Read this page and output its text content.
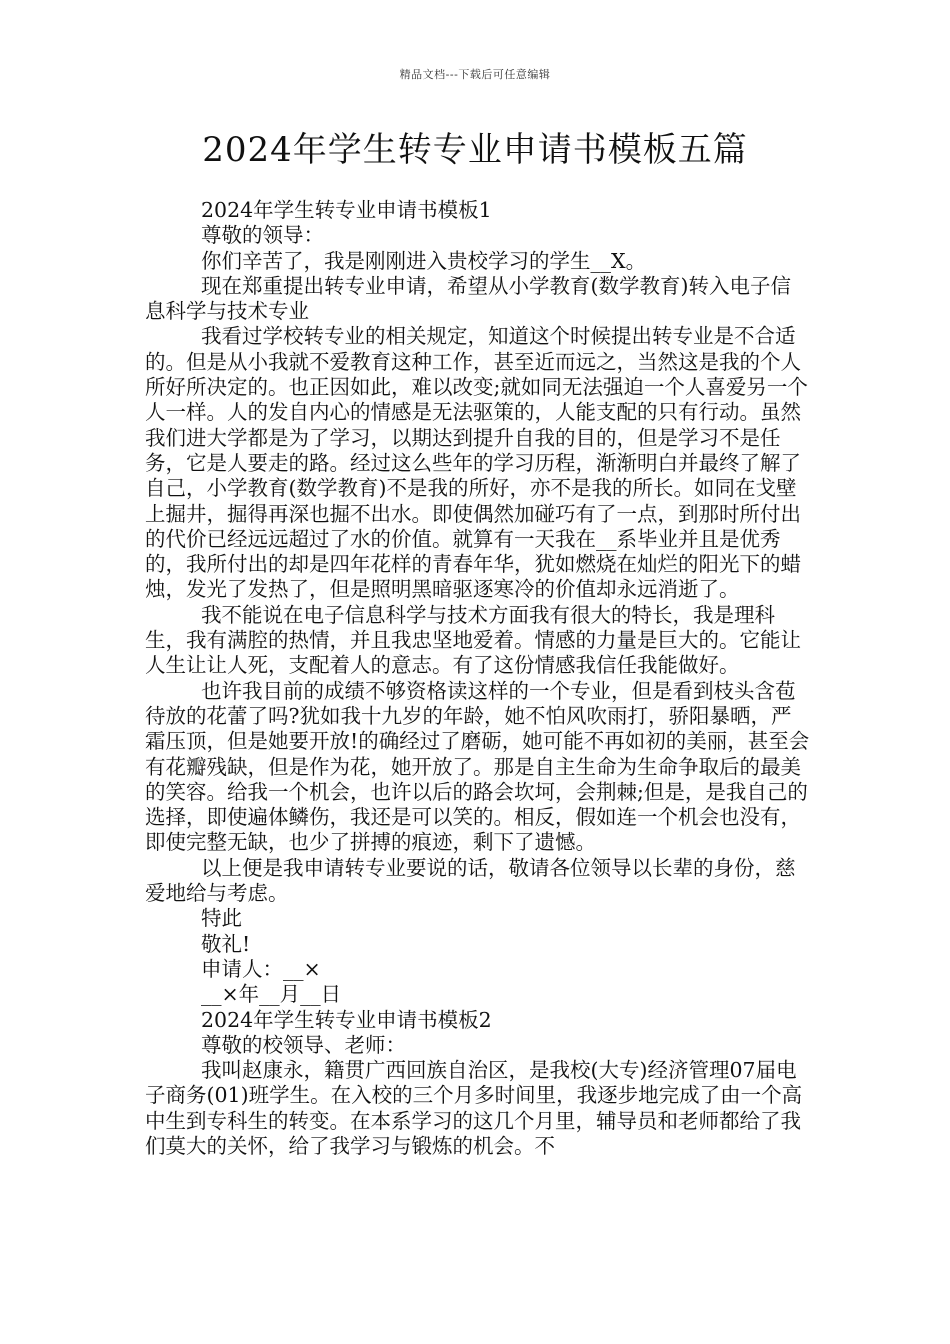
精品文档---下载后可任意编辑
2024年学生转专业申请书模板五篇

2024年学生转专业申请书模板1

尊敬的领导：

你们辛苦了，我是刚刚进入贵校学习的学生__X。

现在郑重提出转专业申请，希望从小学教育(数学教育)转入电子信息科学与技术专业

我看过学校转专业的相关规定，知道这个时候提出转专业是不合适的。但是从小我就不爱教育这种工作，甚至近而远之，当然这是我的个人所好所决定的。也正因如此，难以改变;就如同无法强迫一个人喜爱另一个人一样。人的发自内心的情感是无法驱策的，人能支配的只有行动。虽然我们进大学都是为了学习，以期达到提升自我的目的，但是学习不是任务，它是人要走的路。经过这么些年的学习历程，渐渐明白并最终了解了自己，小学教育(数学教育)不是我的所好，亦不是我的所长。如同在戈壁上掘井，掘得再深也掘不出水。即使偶然加碰巧有了一点，到那时所付出的代价已经远远超过了水的价值。就算有一天我在__系毕业并且是优秀的，我所付出的却是四年花样的青春年华，犹如燃烧在灿烂的阳光下的蜡烛，发光了发热了，但是照明黑暗驱逐寒冷的价值却永远消逝了。

我不能说在电子信息科学与技术方面我有很大的特长，我是理科生，我有满腔的热情，并且我忠坚地爱着。情感的力量是巨大的。它能让人生让让人死，支配着人的意志。有了这份情感我信任我能做好。

也许我目前的成绩不够资格读这样的一个专业，但是看到枝头含苞待放的花蕾了吗?犹如我十九岁的年龄，她不怕风吹雨打，骄阳暴晒，严霜压顶，但是她要开放!的确经过了磨砺，她可能不再如初的美丽，甚至会有花瓣残缺，但是作为花，她开放了。那是自主生命为生命争取后的最美的笑容。给我一个机会，也许以后的路会坎坷，会荆棘;但是，是我自己的选择，即使遍体鳞伤，我还是可以笑的。相反，假如连一个机会也没有，即使完整无缺，也少了拼搏的痕迹，剩下了遗憾。

以上便是我申请转专业要说的话，敬请各位领导以长辈的身份，慈爱地给与考虑。

特此

敬礼!

申请人：__×

__×年__月__日

2024年学生转专业申请书模板2

尊敬的校领导、老师：

我叫赵康永，籍贯广西回族自治区，是我校(大专)经济管理07届电子商务(01)班学生。在入校的三个月多时间里，我逐步地完成了由一个高中生到专科生的转变。在本系学习的这几个月里，辅导员和老师都给了我们莫大的关怀，给了我学习与锻炼的机会。不
